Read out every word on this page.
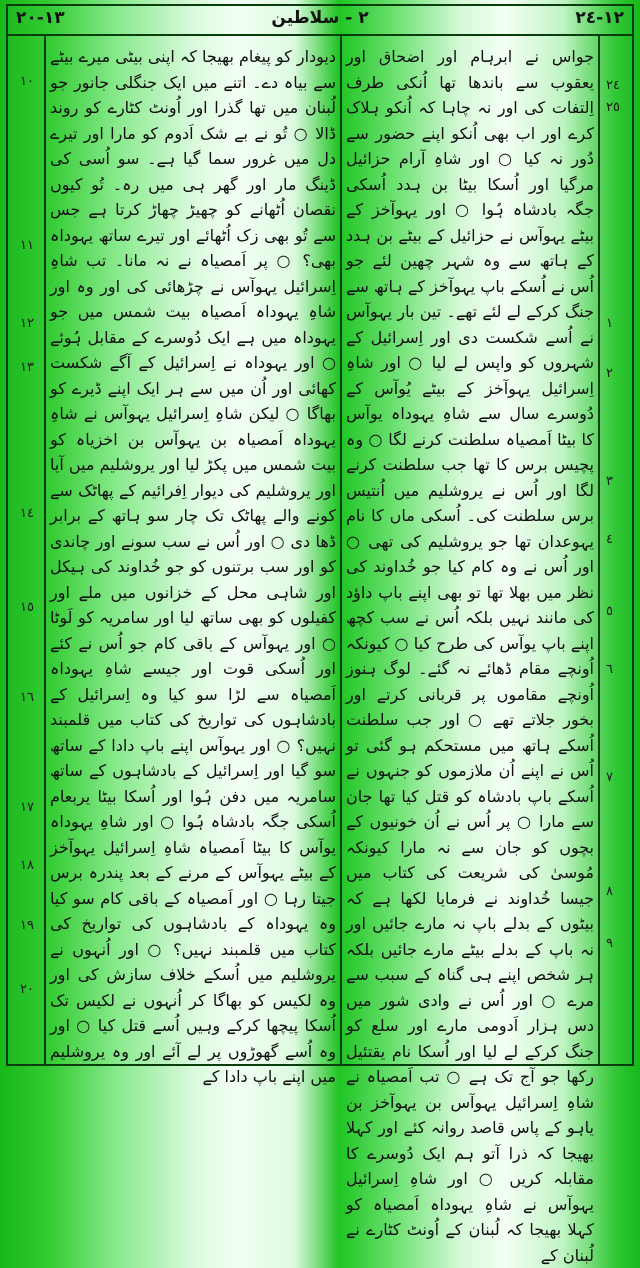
١٣-٢٠	٢ - سلاطین	١٢-٢٤
١٠
١١
١٢
١٣
١٤
١٥
١٦
١٧
١٨
١٩
٢٠

دیودار کو پیغام بھیجا کہ اپنی بیٹی میرے بیٹے سے بیاہ دے۔ اتنے میں ایک جنگلی جانور جو لُبنان میں تھا گذرا اور اُونٹ کٹارے کو روند ڈالا ○ تُو نے بے شک اَدوم کو مارا اور تیرے دل میں غرور سما گیا ہے۔ سو اُسی کی ڈینگ مار اور گھر ہی میں رہ۔ تُو کیوں نقصان اُٹھانے کو چھیڑ چھاڑ کرتا ہے جس سے تُو بھی زک اُٹھائے اور تیرے ساتھ یہوداہ بھی؟ ○ پر اَمصیاہ نے نہ مانا۔ تب شاہِ اِسرائیل یہوآس نے چڑھائی کی اور وہ اور شاہِ یہوداہ اَمصیاہ بیت شمس میں جو یہوداہ میں ہے ایک دُوسرے کے مقابل ہُوئے ○ اور یہوداہ نے اِسرائیل کے آگے شکست کھائی اور اُن میں سے ہر ایک اپنے ڈیرے کو بھاگا ○ لیکن شاہِ اِسرائیل یہوآس نے شاہِ یہوداہ اَمصیاہ بن یہوآس بن اخزیاہ کو بیت شمس میں پکڑ لیا اور یروشلیم میں آیا اور یروشلیم کی دیوار اِفرائیم کے پھاٹک سے کونے والے پھاٹک تک چار سو ہاتھ کے برابر ڈھا دی ○ اور اُس نے سب سونے اور چاندی کو اور سب برتنوں کو جو خُداوند کی ہیکل اور شاہی محل کے خزانوں میں ملے اور کفیلوں کو بھی ساتھ لیا اور سامریہ کو لَوٹا ○ اور یہوآس کے باقی کام جو اُس نے کئے اور اُسکی قوت اور جیسے شاہِ یہوداہ اَمصیاہ سے لڑا سو کیا وہ اِسرائیل کے بادشاہوں کی تواریخ کی کتاب میں قلمبند نہیں؟ ○ اور یہوآس اپنے باپ دادا کے ساتھ سو گیا اور اِسرائیل کے بادشاہوں کے ساتھ سامریہ میں دفن ہُوا اور اُسکا بیٹا یربعام اُسکی جگہ بادشاہ ہُوا ○ اور شاہِ یہوداہ یوآس کا بیٹا اَمصیاہ شاہِ اِسرائیل یہوآخز کے بیٹے یہوآس کے مرنے کے بعد پندرہ برس جیتا رہا ○ اور اَمصیاہ کے باقی کام سو کیا وہ یہوداہ کے بادشاہوں کی تواریخ کی کتاب میں قلمبند نہیں؟ ○ اور اُنہوں نے یروشلیم میں اُسکے خلاف سازش کی اور وہ لکیس کو بھاگا کر اُنہوں نے لکیس تک اُسکا پیچھا کرکے وہیں اُسے قتل کیا ○ اور وہ اُسے گھوڑوں پر لے آئے اور وہ یروشلیم میں اپنے باپ دادا کے

جواس نے ابرہام اور اضحاق اور یعقوب سے باندھا تھا اُنکی طرف اِلتفات کی اور نہ چاہا کہ اُنکو ہلاک کرے اور اب بھی اُنکو اپنے حضور سے دُور نہ کیا ○ اور شاہِ آرام حزائیل مرگیا اور اُسکا بیٹا بن ہدد اُسکی جگہ بادشاہ ہُوا ○ اور یہوآخز کے بیٹے یہوآس نے حزائیل کے بیٹے بن ہدد کے ہاتھ سے وہ شہر چھین لئے جو اُس نے اُسکے باپ یہوآخز کے ہاتھ سے جنگ کرکے لے لئے تھے۔ تین بار یہوآس نے اُسے شکست دی اور اِسرائیل کے شہروں کو واپس لے لیا ○ اور شاہِ اِسرائیل یہوآخز کے بیٹے یُوآس کے دُوسرے سال سے شاہِ یہوداہ یوآس کا بیٹا اَمصیاہ سلطنت کرنے لگا ○ وہ پچیس برس کا تھا جب سلطنت کرنے لگا اور اُس نے یروشلیم میں اُنتیس برس سلطنت کی۔ اُسکی ماں کا نام یہوعدان تھا جو یروشلیم کی تھی ○ اور اُس نے وہ کام کیا جو خُداوند کی نظر میں بھلا تھا تو بھی اپنے باپ داؤد کی مانند نہیں بلکہ اُس نے سب کچھ اپنے باپ یوآس کی طرح کیا ○ کیونکہ اُونچے مقام ڈھائے نہ گئے۔ لوگ ہنوز اُونچے مقاموں پر قربانی کرتے اور بخور جلاتے تھے ○ اور جب سلطنت اُسکے ہاتھ میں مستحکم ہو گئی تو اُس نے اپنے اُن ملازموں کو جنہوں نے اُسکے باپ بادشاہ کو قتل کیا تھا جان سے مارا ○ پر اُس نے اُن خونیوں کے بچوں کو جان سے نہ مارا کیونکہ مُوسیٰ کی شریعت کی کتاب میں جیسا خُداوند نے فرمایا لکھا ہے کہ بیٹوں کے بدلے باپ نہ مارے جائیں اور نہ باپ کے بدلے بیٹے مارے جائیں بلکہ ہر شخص اپنے ہی گناہ کے سبب سے مرے ○ اور اُس نے وادی شور میں دس ہزار اَدومی مارے اور سلع کو جنگ کرکے لے لیا اور اُسکا نام یقتئیل رکھا جو آج تک ہے ○ تب اَمصیاہ نے شاہِ اِسرائیل یہوآس بن یہوآخز بن یاہو کے پاس قاصد روانہ کئے اور کہلا بھیجا کہ ذرا آتو ہم ایک دُوسرے کا مقابلہ کریں ○ اور شاہِ اِسرائیل یہوآس نے شاہِ یہوداہ اَمصیاہ کو کہلا بھیجا کہ لُبنان کے اُونٹ کٹارے نے لُبنان کے

٢٤
٢٥
١
٢
٣
٤
٥
٦
٧
٨
٩
